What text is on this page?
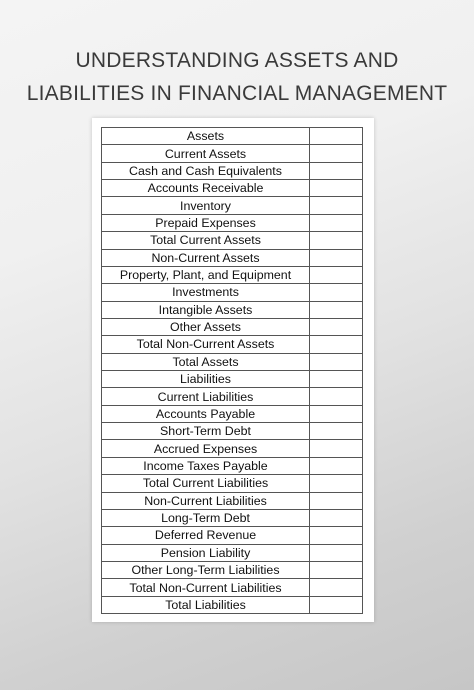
UNDERSTANDING ASSETS AND
LIABILITIES IN FINANCIAL MANAGEMENT
Assets	
Current Assets	
Cash and Cash Equivalents	
Accounts Receivable	
Inventory	
Prepaid Expenses	
Total Current Assets	
Non-Current Assets	
Property, Plant, and Equipment	
Investments	
Intangible Assets	
Other Assets	
Total Non-Current Assets	
Total Assets	
Liabilities	
Current Liabilities	
Accounts Payable	
Short-Term Debt	
Accrued Expenses	
Income Taxes Payable	
Total Current Liabilities	
Non-Current Liabilities	
Long-Term Debt	
Deferred Revenue	
Pension Liability	
Other Long-Term Liabilities	
Total Non-Current Liabilities	
Total Liabilities	
